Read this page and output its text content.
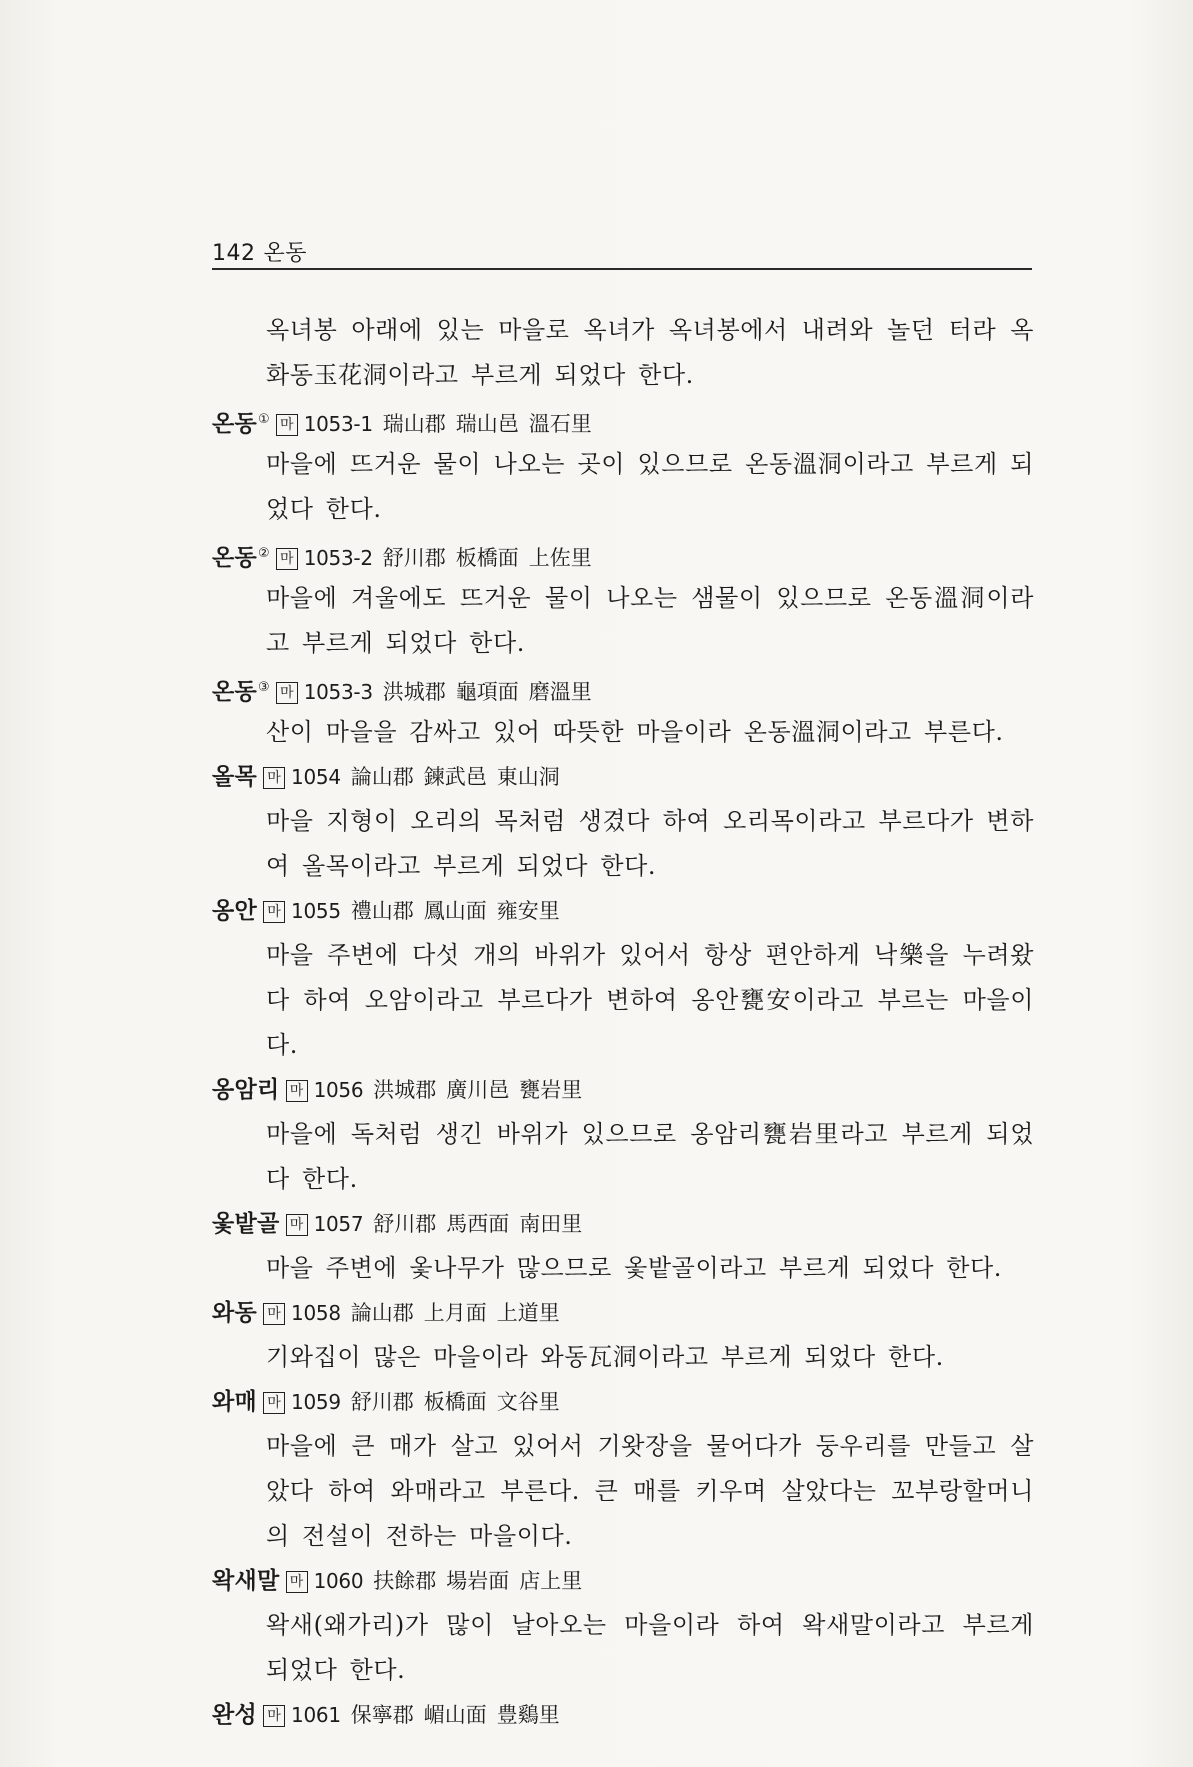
142 온동

옥녀봉 아래에 있는 마을로 옥녀가 옥녀봉에서 내려와 놀던 터라 옥화동玉花洞이라고 부르게 되었다 한다.

온동① 마 1053-1 瑞山郡 瑞山邑 溫石里

마을에 뜨거운 물이 나오는 곳이 있으므로 온동溫洞이라고 부르게 되었다 한다.

온동② 마 1053-2 舒川郡 板橋面 上佐里

마을에 겨울에도 뜨거운 물이 나오는 샘물이 있으므로 온동溫洞이라고 부르게 되었다 한다.

온동③ 마 1053-3 洪城郡 龜項面 磨溫里

산이 마을을 감싸고 있어 따뜻한 마을이라 온동溫洞이라고 부른다.

올목 마 1054 論山郡 鍊武邑 東山洞

마을 지형이 오리의 목처럼 생겼다 하여 오리목이라고 부르다가 변하여 올목이라고 부르게 되었다 한다.

옹안 마 1055 禮山郡 鳳山面 雍安里

마을 주변에 다섯 개의 바위가 있어서 항상 편안하게 낙樂을 누려왔다 하여 오암이라고 부르다가 변하여 옹안甕安이라고 부르는 마을이다.

옹암리 마 1056 洪城郡 廣川邑 甕岩里

마을에 독처럼 생긴 바위가 있으므로 옹암리甕岩里라고 부르게 되었다 한다.

옻밭골 마 1057 舒川郡 馬西面 南田里

마을 주변에 옻나무가 많으므로 옻밭골이라고 부르게 되었다 한다.

와동 마 1058 論山郡 上月面 上道里

기와집이 많은 마을이라 와동瓦洞이라고 부르게 되었다 한다.

와매 마 1059 舒川郡 板橋面 文谷里

마을에 큰 매가 살고 있어서 기왓장을 물어다가 둥우리를 만들고 살았다 하여 와매라고 부른다. 큰 매를 키우며 살았다는 꼬부랑할머니의 전설이 전하는 마을이다.

왁새말 마 1060 扶餘郡 場岩面 店上里

왁새(왜가리)가 많이 날아오는 마을이라 하여 왁새말이라고 부르게 되었다 한다.

완성 마 1061 保寧郡 嵋山面 豊鷄里
